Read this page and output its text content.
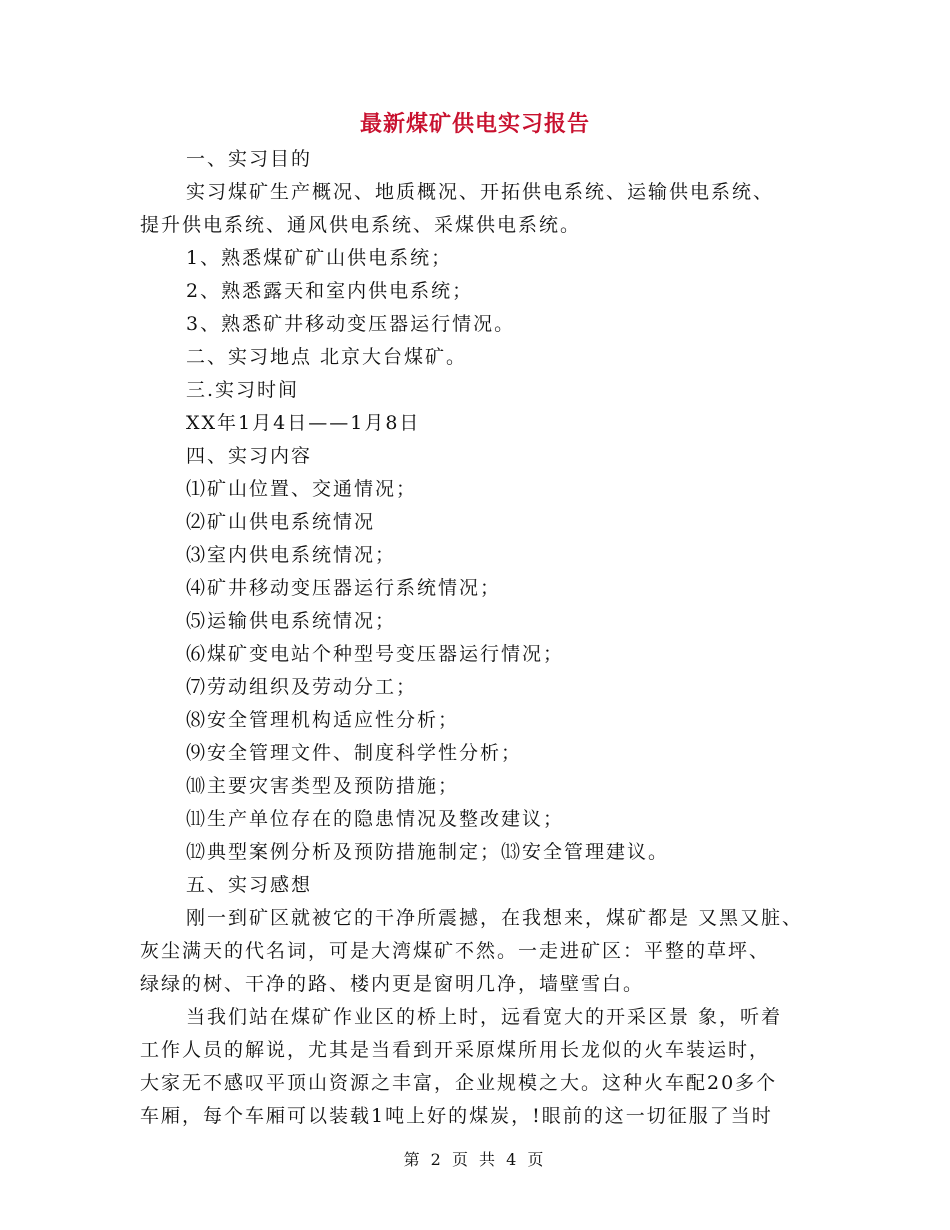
最新煤矿供电实习报告
一、实习目的
实习煤矿生产概况、地质概况、开拓供电系统、运输供电系统、
提升供电系统、通风供电系统、采煤供电系统。
1、熟悉煤矿矿山供电系统；
2、熟悉露天和室内供电系统；
3、熟悉矿井移动变压器运行情况。
二、实习地点 北京大台煤矿。
三.实习时间
XX年1月4日——1月8日
四、实习内容
⑴矿山位置、交通情况；
⑵矿山供电系统情况
⑶室内供电系统情况；
⑷矿井移动变压器运行系统情况；
⑸运输供电系统情况；
⑹煤矿变电站个种型号变压器运行情况；
⑺劳动组织及劳动分工；
⑻安全管理机构适应性分析；
⑼安全管理文件、制度科学性分析；
⑽主要灾害类型及预防措施；
⑾生产单位存在的隐患情况及整改建议；
⑿典型案例分析及预防措施制定；⒀安全管理建议。
五、实习感想
刚一到矿区就被它的干净所震撼，在我想来，煤矿都是 又黑又脏、
灰尘满天的代名词，可是大湾煤矿不然。一走进矿区：平整的草坪、
绿绿的树、干净的路、楼内更是窗明几净，墙壁雪白。
当我们站在煤矿作业区的桥上时，远看宽大的开采区景 象，听着
工作人员的解说，尤其是当看到开采原煤所用长龙似的火车装运时，
大家无不感叹平顶山资源之丰富，企业规模之大。这种火车配20多个
车厢，每个车厢可以装载1吨上好的煤炭，!眼前的这一切征服了当时
第 2 页 共 4 页
